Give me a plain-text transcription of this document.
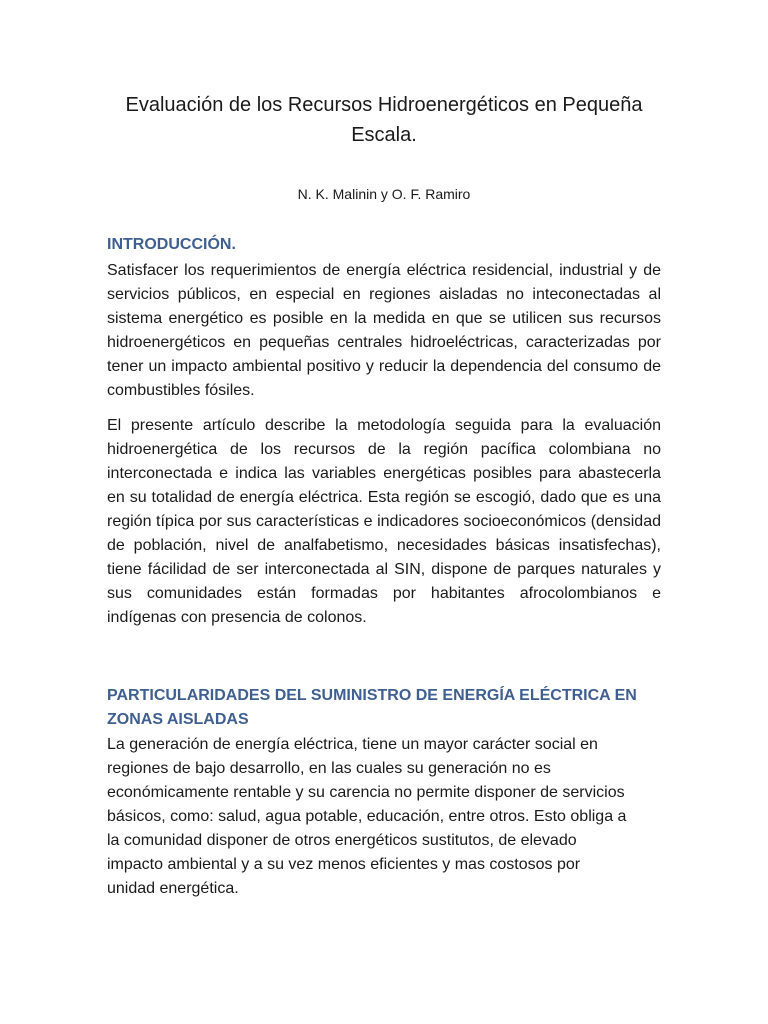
Evaluación de los Recursos Hidroenergéticos en Pequeña Escala.

N. K. Malinin y O. F. Ramiro

INTRODUCCIÓN.

Satisfacer los requerimientos de energía eléctrica residencial, industrial y de servicios públicos, en especial en regiones aisladas no inteconectadas al sistema energético es posible en la medida en que se utilicen sus recursos hidroenergéticos en pequeñas centrales hidroeléctricas, caracterizadas por tener un impacto ambiental positivo y reducir la dependencia del consumo de combustibles fósiles.

El presente artículo describe la metodología seguida para la evaluación hidroenergética de los recursos de la región pacífica colombiana no interconectada e indica las variables energéticas posibles para abastecerla en su totalidad de energía eléctrica. Esta región se escogió, dado que es una región típica por sus características e indicadores socioeconómicos (densidad de población, nivel de analfabetismo, necesidades básicas insatisfechas), tiene fácilidad de ser interconectada al SIN, dispone de parques naturales y sus comunidades están formadas por habitantes afrocolombianos e indígenas con presencia de colonos.

PARTICULARIDADES DEL SUMINISTRO DE ENERGÍA ELÉCTRICA EN ZONAS AISLADAS

La generación de energía eléctrica, tiene un mayor carácter social en regiones de bajo desarrollo, en las cuales su generación no es económicamente rentable y su carencia no permite disponer de servicios básicos, como: salud, agua potable, educación, entre otros. Esto obliga a la comunidad disponer de otros energéticos sustitutos, de elevado impacto ambiental y a su vez menos eficientes y mas costosos por unidad energética.
